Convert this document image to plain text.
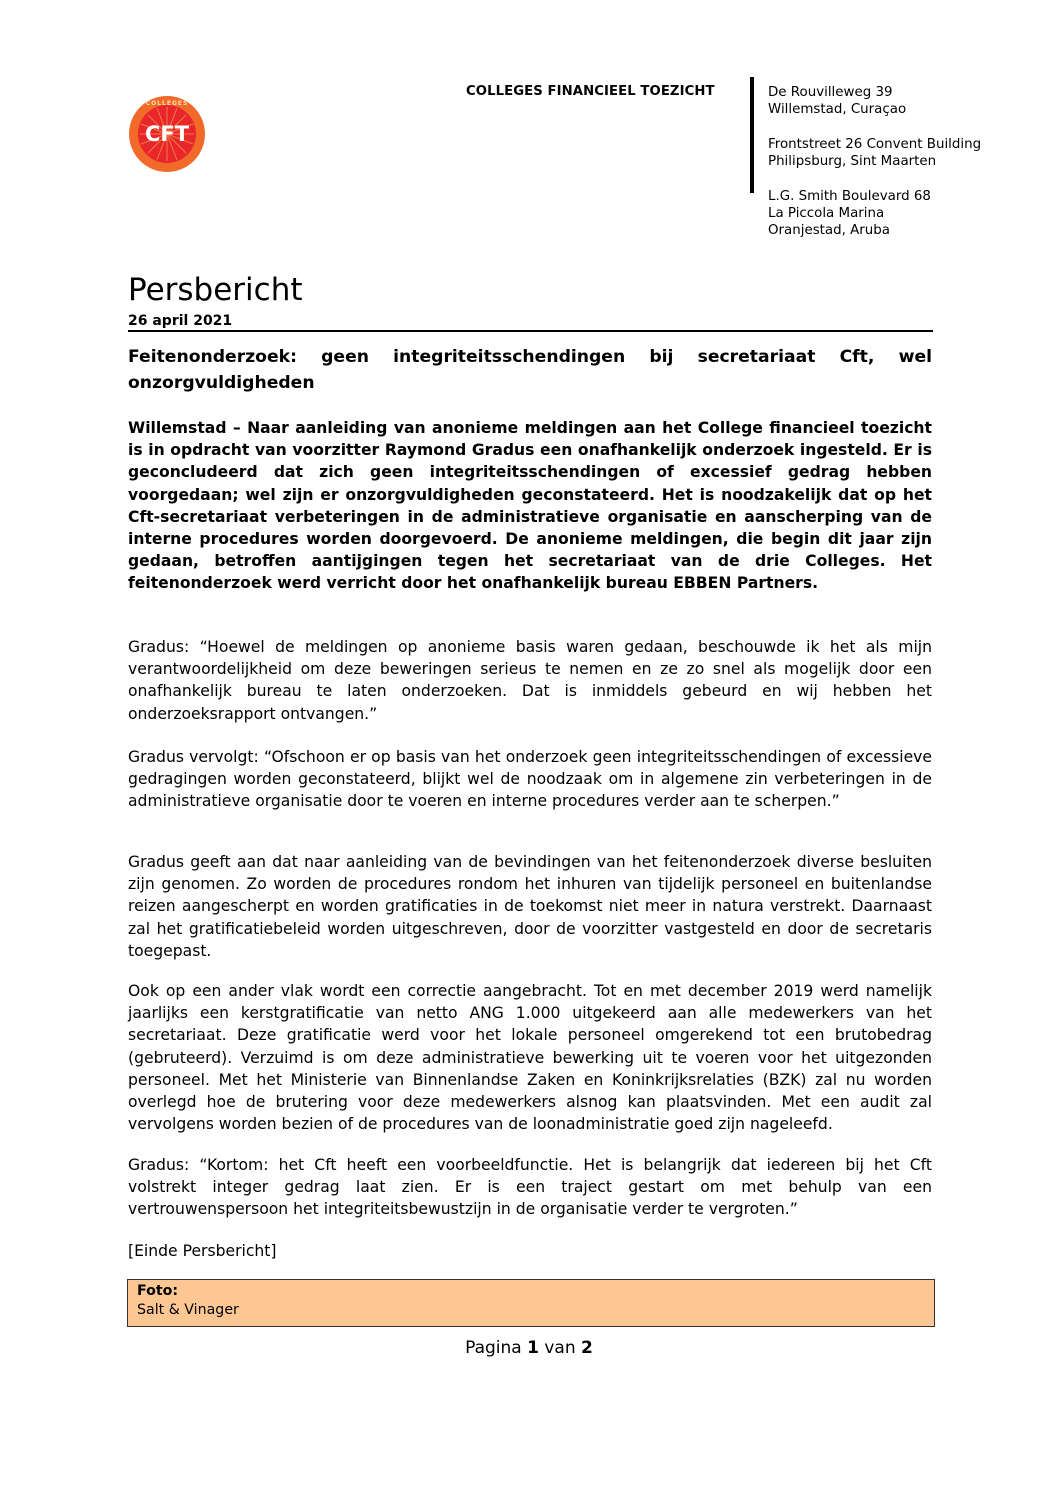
CFT
COLLEGES
COLLEGES FINANCIEEL TOEZICHT	De Rouvilleweg 39
Willemstad, Curaçao
Frontstreet 26 Convent Building
Philipsburg, Sint Maarten
L.G. Smith Boulevard 68
La Piccola Marina
Oranjestad, Aruba
Persbericht
26 april 2021
Feitenonderzoek: geen integriteitsschendingen bij secretariaat Cft, wel onzorgvuldigheden
Willemstad – Naar aanleiding van anonieme meldingen aan het College financieel toezicht is in opdracht van voorzitter Raymond Gradus een onafhankelijk onderzoek ingesteld. Er is geconcludeerd dat zich geen integriteitsschendingen of excessief gedrag hebben voorgedaan; wel zijn er onzorgvuldigheden geconstateerd. Het is noodzakelijk dat op het Cft-secretariaat verbeteringen in de administratieve organisatie en aanscherping van de interne procedures worden doorgevoerd. De anonieme meldingen, die begin dit jaar zijn gedaan, betroffen aantijgingen tegen het secretariaat van de drie Colleges. Het feitenonderzoek werd verricht door het onafhankelijk bureau EBBEN Partners.
Gradus: “Hoewel de meldingen op anonieme basis waren gedaan, beschouwde ik het als mijn verantwoordelijkheid om deze beweringen serieus te nemen en ze zo snel als mogelijk door een onafhankelijk bureau te laten onderzoeken. Dat is inmiddels gebeurd en wij hebben het onderzoeksrapport ontvangen.”
Gradus vervolgt: “Ofschoon er op basis van het onderzoek geen integriteitsschendingen of excessieve gedragingen worden geconstateerd, blijkt wel de noodzaak om in algemene zin verbeteringen in de administratieve organisatie door te voeren en interne procedures verder aan te scherpen.”
Gradus geeft aan dat naar aanleiding van de bevindingen van het feitenonderzoek diverse besluiten zijn genomen. Zo worden de procedures rondom het inhuren van tijdelijk personeel en buitenlandse reizen aangescherpt en worden gratificaties in de toekomst niet meer in natura verstrekt. Daarnaast zal het gratificatiebeleid worden uitgeschreven, door de voorzitter vastgesteld en door de secretaris toegepast.
Ook op een ander vlak wordt een correctie aangebracht. Tot en met december 2019 werd namelijk jaarlijks een kerstgratificatie van netto ANG 1.000 uitgekeerd aan alle medewerkers van het secretariaat. Deze gratificatie werd voor het lokale personeel omgerekend tot een brutobedrag (gebruteerd). Verzuimd is om deze administratieve bewerking uit te voeren voor het uitgezonden personeel. Met het Ministerie van Binnenlandse Zaken en Koninkrijksrelaties (BZK) zal nu worden overlegd hoe de brutering voor deze medewerkers alsnog kan plaatsvinden. Met een audit zal vervolgens worden bezien of de procedures van de loonadministratie goed zijn nageleefd.
Gradus: “Kortom: het Cft heeft een voorbeeldfunctie. Het is belangrijk dat iedereen bij het Cft volstrekt integer gedrag laat zien. Er is een traject gestart om met behulp van een vertrouwenspersoon het integriteitsbewustzijn in de organisatie verder te vergroten.”
[Einde Persbericht]
Foto:
Salt & Vinager
Pagina 1 van 2
